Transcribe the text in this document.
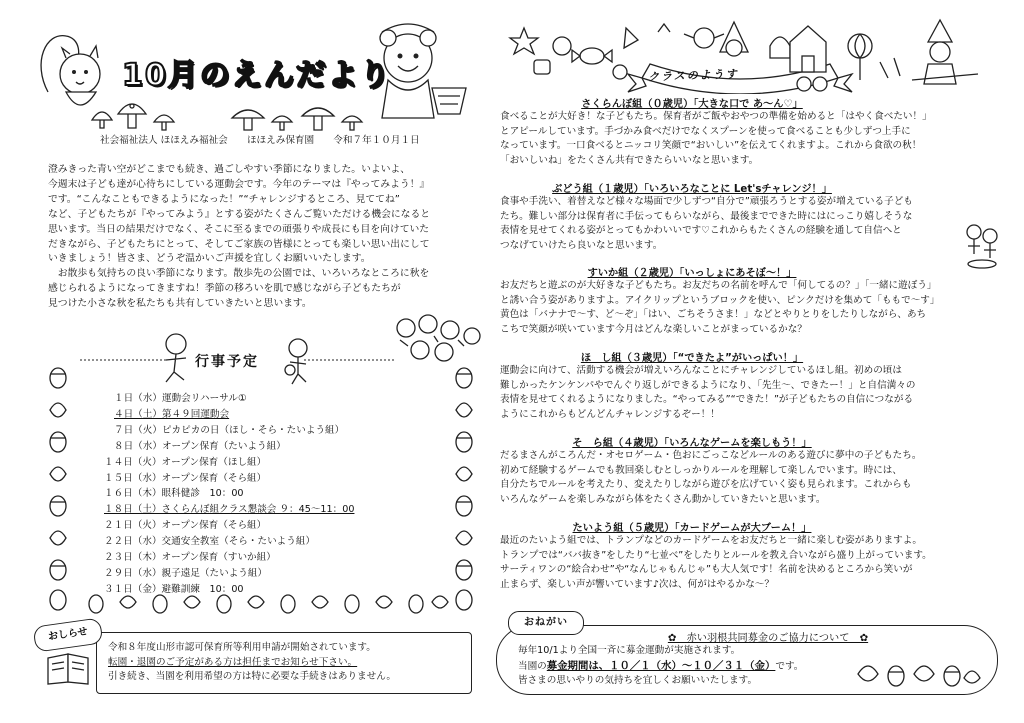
10月のえんだより
社会福祉法人 ほほえみ福祉会　　ほほえみ保育園　　令和７年１０月１日
澄みきった青い空がどこまでも続き、過ごしやすい季節になりました。いよいよ、
今週末は子ども達が心待ちにしている運動会です。今年のテーマは『やってみよう！』
です。“こんなこともできるようになった！”“チャレンジするところ、見ててね”
など、子どもたちが『やってみよう』とする姿がたくさんご覧いただける機会になると
思います。当日の結果だけでなく、そこに至るまでの頑張りや成長にも目を向けていた
だきながら、子どもたちにとって、そしてご家族の皆様にとっても楽しい思い出にして
いきましょう！皆さま、どうぞ温かいご声援を宜しくお願いいたします。
　お散歩も気持ちの良い季節になります。散歩先の公園では、いろいろなところに秋を
感じられるようになってきますね！季節の移ろいを肌で感じながら子どもたちが
見つけた小さな秋を私たちも共有していきたいと思います。
行事予定
１日（水）運動会リハーサル①
４日（土）第４９回運動会
７日（火）ピカピカの日（ほし・そら・たいよう組）
８日（水）オープン保育（たいよう組）
１４日（火）オープン保育（ほし組）
１５日（水）オープン保育（そら組）
１６日（木）眼科健診　10：00
１８日（土）さくらんぼ組クラス懇談会 ９：45～11：00
２１日（火）オープン保育（そら組）
２２日（水）交通安全教室（そら・たいよう組）
２３日（木）オープン保育（すいか組）
２９日（水）親子遠足（たいよう組）
３１日（金）避難訓練　10：00
おしらせ
令和８年度山形市認可保育所等利用申請が開始されています。
転園・退園のご予定がある方は担任までお知らせ下さい。
引き続き、当園を利用希望の方は特に必要な手続きはありません。
クラスのようす
さくらんぼ組（０歳児）「大きな口で あ～ん♡」
食べることが大好き！な子どもたち。保育者がご飯やおやつの準備を始めると「はやく食べたい！」
とアピールしています。手づかみ食べだけでなくスプーンを使って食べることも少しずつ上手に
なっています。一口食べるとニッコリ笑顔で“おいしい”を伝えてくれますよ。これから食欲の秋！
「おいしいね」をたくさん共有できたらいいなと思います。
ぶどう組（１歳児）「いろいろなことに Let'sチャレンジ！」
食事や手洗い、着替えなど様々な場面で少しずつ“自分で”頑張ろうとする姿が増えている子ども
たち。難しい部分は保育者に手伝ってもらいながら、最後までできた時にはにっこり嬉しそうな
表情を見せてくれる姿がとってもかわいいです♡これからもたくさんの経験を通して自信へと
つなげていけたら良いなと思います。
すいか組（２歳児）「いっしょにあそぼ～！」
お友だちと遊ぶのが大好きな子どもたち。お友だちの名前を呼んで「何してるの？」「一緒に遊ぼう」
と誘い合う姿がありますよ。アイクリップというブロックを使い、ピンクだけを集めて「ももで～す」
黄色は「バナナで～す、ど～ぞ」「はい、ごちそうさま！」などとやりとりをしたりしながら、あち
こちで笑顔が咲いています今月はどんな楽しいことがまっているかな？
ほ　し組（３歳児）「“できたよ”がいっぱい！」
運動会に向けて、活動する機会が増えいろんなことにチャレンジしているほし組。初めの頃は
難しかったケンケンパやでんぐり返しができるようになり、「先生～、できたー！」と自信満々の
表情を見せてくれるようになりました。“やってみる”“できた！”が子どもたちの自信につながる
ようにこれからもどんどんチャレンジするぞー！！
そ　ら組（４歳児）「いろんなゲームを楽しもう！」
だるまさんがころんだ・オセロゲーム・色おにごっこなどルールのある遊びに夢中の子どもたち。
初めて経験するゲームでも教回楽しむとしっかりルールを理解して楽しんでいます。時には、
自分たちでルールを考えたり、変えたりしながら遊びを広げていく姿も見られます。これからも
いろんなゲームを楽しみながら体をたくさん動かしていきたいと思います。
たいよう組（５歳児）「カードゲームが大ブーム！」
最近のたいよう組では、トランプなどのカードゲームをお友だちと一緒に楽しむ姿がありますよ。
トランプでは“ババ抜き”をしたり“七並べ”をしたりとルールを教え合いながら盛り上がっています。
サーティワンの“絵合わせ”や“なんじゃもんじゃ”も大人気です！名前を決めるところから笑いが
止まらず、楽しい声が響いています♪次は、何がはやるかな～？
おねがい
✿　赤い羽根共同募金のご協力について　✿
毎年10/1より全国一斉に募金運動が実施されます。
当園の募金期間は、１０／１（水）～１０／３１（金）です。
皆さまの思いやりの気持ちを宜しくお願いいたします。
